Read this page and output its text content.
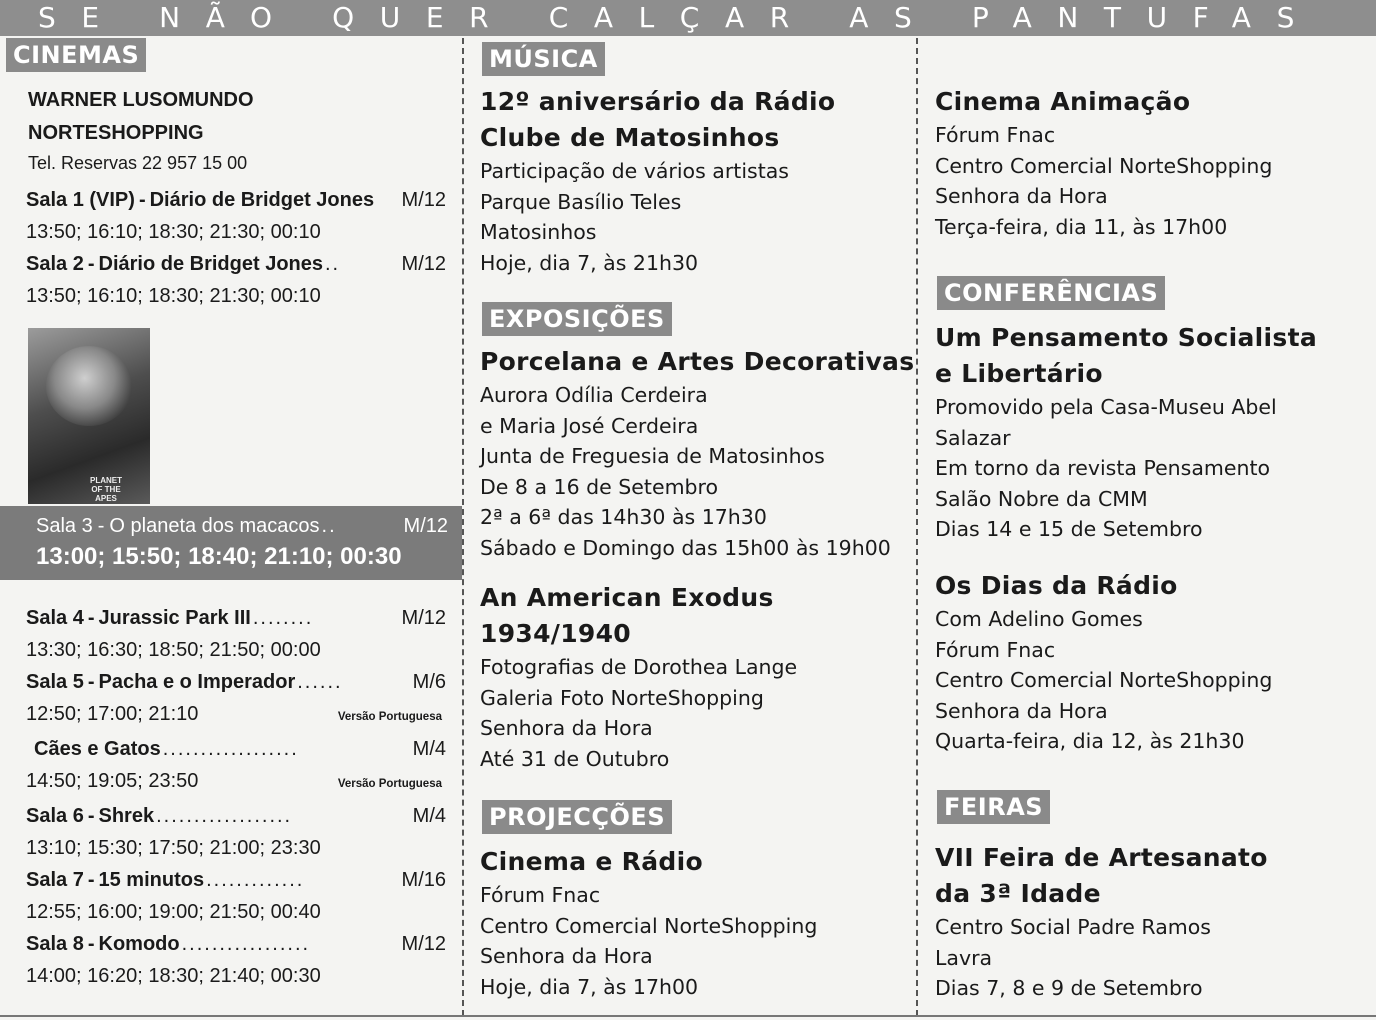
SE NÃO QUER CALÇAR AS PANTUFAS
CINEMAS
WARNER LUSOMUNDO
NORTESHOPPING
Tel. Reservas 22 957 15 00
Sala 1 (VIP) - Diário de Bridget Jones M/12
13:50; 16:10; 18:30; 21:30; 00:10
Sala 2 - Diário de Bridget Jones ..	M/12
13:50; 16:10; 18:30; 21:30; 00:10
PLANET OF THE APES
Sala 3 - O planeta dos macacos ..	M/12
13:00; 15:50; 18:40; 21:10; 00:30
Sala 4 - Jurassic Park III ........	M/12
13:30; 16:30; 18:50; 21:50; 00:00
Sala 5 - Pacha e o Imperador ......	M/6
12:50; 17:00; 21:10	Versão Portuguesa
Cães e Gatos ..................	M/4
14:50; 19:05; 23:50	Versão Portuguesa
Sala 6 - Shrek ..................	M/4
13:10; 15:30; 17:50; 21:00; 23:30
Sala 7 - 15 minutos .............	M/16
12:55; 16:00; 19:00; 21:50; 00:40
Sala 8 - Komodo .................	M/12
14:00; 16:20; 18:30; 21:40; 00:30
MÚSICA
12º aniversário da Rádio
Clube de Matosinhos
Participação de vários artistas
Parque Basílio Teles
Matosinhos
Hoje, dia 7, às 21h30
EXPOSIÇÕES
Porcelana e Artes Decorativas
Aurora Odília Cerdeira
e Maria José Cerdeira
Junta de Freguesia de Matosinhos
De 8 a 16 de Setembro
2ª a 6ª das 14h30 às 17h30
Sábado e Domingo das 15h00 às 19h00
An American Exodus
1934/1940
Fotografias de Dorothea Lange
Galeria Foto NorteShopping
Senhora da Hora
Até 31 de Outubro
PROJECÇÕES
Cinema e Rádio
Fórum Fnac
Centro Comercial NorteShopping
Senhora da Hora
Hoje, dia 7, às 17h00
Cinema Animação
Fórum Fnac
Centro Comercial NorteShopping
Senhora da Hora
Terça-feira, dia 11, às 17h00
CONFERÊNCIAS
Um Pensamento Socialista
e Libertário
Promovido pela Casa-Museu Abel
Salazar
Em torno da revista Pensamento
Salão Nobre da CMM
Dias 14 e 15 de Setembro
Os Dias da Rádio
Com Adelino Gomes
Fórum Fnac
Centro Comercial NorteShopping
Senhora da Hora
Quarta-feira, dia 12, às 21h30
FEIRAS
VII Feira de Artesanato
da 3ª Idade
Centro Social Padre Ramos
Lavra
Dias 7, 8 e 9 de Setembro
